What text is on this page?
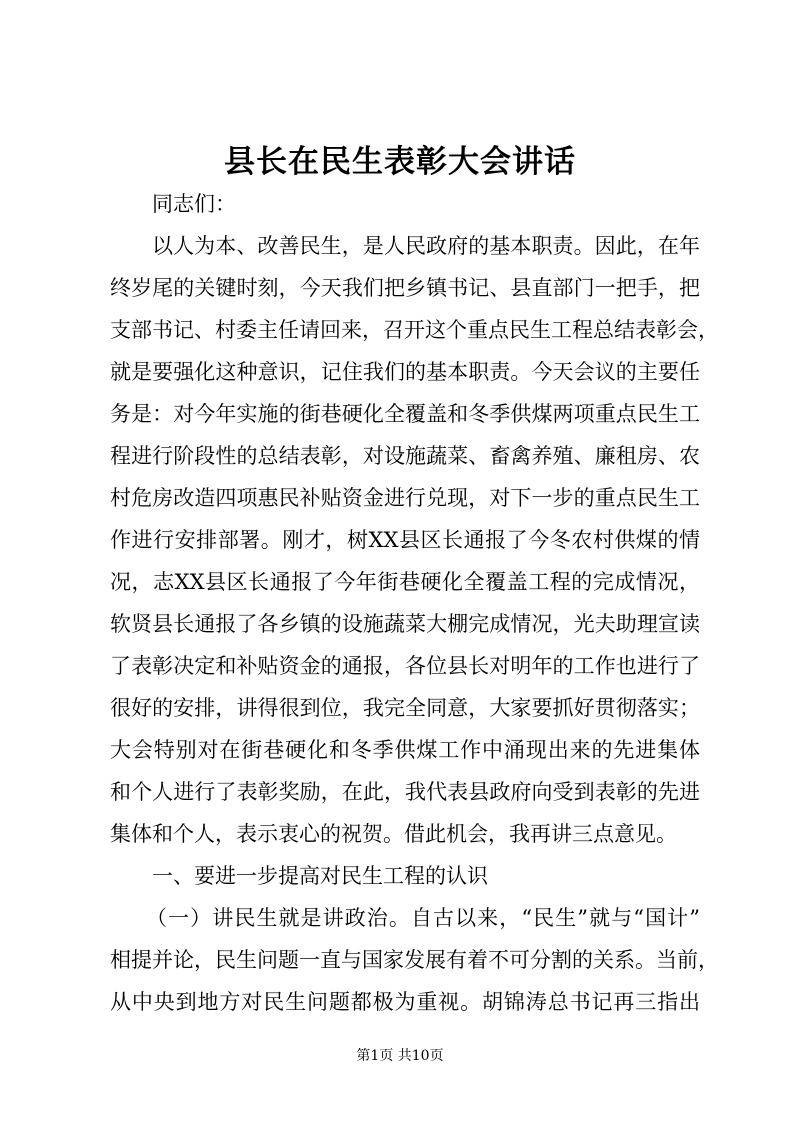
县长在民生表彰大会讲话
同志们：
以人为本、改善民生，是人民政府的基本职责。因此，在年
终岁尾的关键时刻，今天我们把乡镇书记、县直部门一把手，把
支部书记、村委主任请回来，召开这个重点民生工程总结表彰会，
就是要强化这种意识，记住我们的基本职责。今天会议的主要任
务是：对今年实施的街巷硬化全覆盖和冬季供煤两项重点民生工
程进行阶段性的总结表彰，对设施蔬菜、畜禽养殖、廉租房、农
村危房改造四项惠民补贴资金进行兑现，对下一步的重点民生工
作进行安排部署。刚才，树XX县区长通报了今冬农村供煤的情
况，志XX县区长通报了今年街巷硬化全覆盖工程的完成情况，
软贤县长通报了各乡镇的设施蔬菜大棚完成情况，光夫助理宣读
了表彰决定和补贴资金的通报，各位县长对明年的工作也进行了
很好的安排，讲得很到位，我完全同意，大家要抓好贯彻落实；
大会特别对在街巷硬化和冬季供煤工作中涌现出来的先进集体
和个人进行了表彰奖励，在此，我代表县政府向受到表彰的先进
集体和个人，表示衷心的祝贺。借此机会，我再讲三点意见。
一、要进一步提高对民生工程的认识
（一）讲民生就是讲政治。自古以来，“民生”就与“国计”
相提并论，民生问题一直与国家发展有着不可分割的关系。当前，
从中央到地方对民生问题都极为重视。胡锦涛总书记再三指出
第1页 共10页
